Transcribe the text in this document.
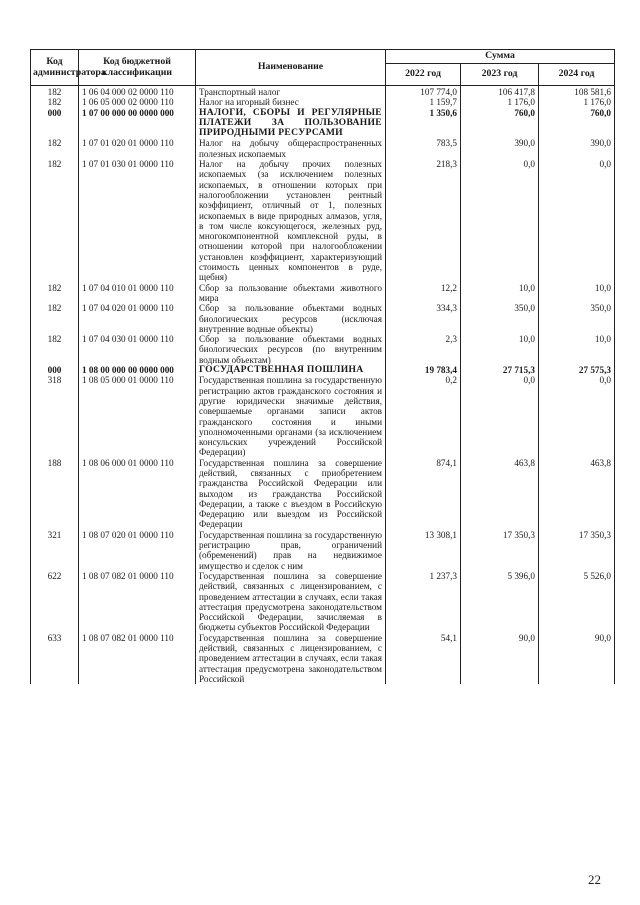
Код администратора	Код бюджетной классификации	Наименование	Сумма		
			2022 год	2023 год	2024 год
182	1 06 04 000 02 0000 110	Транспортный налог	107 774,0	106 417,8	108 581,6
182	1 06 05 000 02 0000 110	Налог на игорный бизнес	1 159,7	1 176,0	1 176,0
000	1 07 00 000 00 0000 000	НАЛОГИ, СБОРЫ И РЕГУЛЯРНЫЕ ПЛАТЕЖИ ЗА ПОЛЬЗОВАНИЕ ПРИРОДНЫМИ РЕСУРСАМИ	1 350,6	760,0	760,0
182	1 07 01 020 01 0000 110	Налог на добычу общераспространенных полезных ископаемых	783,5	390,0	390,0
182	1 07 01 030 01 0000 110	Налог на добычу прочих полезных ископаемых (за исключением полезных ископаемых, в отношении которых при налогообложении установлен рентный коэффициент, отличный от 1, полезных ископаемых в виде природных алмазов, угля, в том числе коксующегося, железных руд, многокомпонентной комплексной руды, в отношении которой при налогообложении установлен коэффициент, характеризующий стоимость ценных компонентов в руде, щебня)	218,3	0,0	0,0
182	1 07 04 010 01 0000 110	Сбор за пользование объектами животного мира	12,2	10,0	10,0
182	1 07 04 020 01 0000 110	Сбор за пользование объектами водных биологических ресурсов (исключая внутренние водные объекты)	334,3	350,0	350,0
182	1 07 04 030 01 0000 110	Сбор за пользование объектами водных биологических ресурсов (по внутренним водным объектам)	2,3	10,0	10,0
000	1 08 00 000 00 0000 000	ГОСУДАРСТВЕННАЯ ПОШЛИНА	19 783,4	27 715,3	27 575,3
318	1 08 05 000 01 0000 110	Государственная пошлина за государственную регистрацию актов гражданского состояния и другие юридически значимые действия, совершаемые органами записи актов гражданского состояния и иными уполномоченными органами (за исключением консульских учреждений Российской Федерации)	0,2	0,0	0,0
188	1 08 06 000 01 0000 110	Государственная пошлина за совершение действий, связанных с приобретением гражданства Российской Федерации или выходом из гражданства Российской Федерации, а также с въездом в Российскую Федерацию или выездом из Российской Федерации	874,1	463,8	463,8
321	1 08 07 020 01 0000 110	Государственная пошлина за государственную регистрацию прав, ограничений (обременений) прав на недвижимое имущество и сделок с ним	13 308,1	17 350,3	17 350,3
622	1 08 07 082 01 0000 110	Государственная пошлина за совершение действий, связанных с лицензированием, с проведением аттестации в случаях, если такая аттестация предусмотрена законодательством Российской Федерации, зачисляемая в бюджеты субъектов Российской Федерации	1 237,3	5 396,0	5 526,0
633	1 08 07 082 01 0000 110	Государственная пошлина за совершение действий, связанных с лицензированием, с проведением аттестации в случаях, если такая аттестация предусмотрена законодательством Российской	54,1	90,0	90,0
22
